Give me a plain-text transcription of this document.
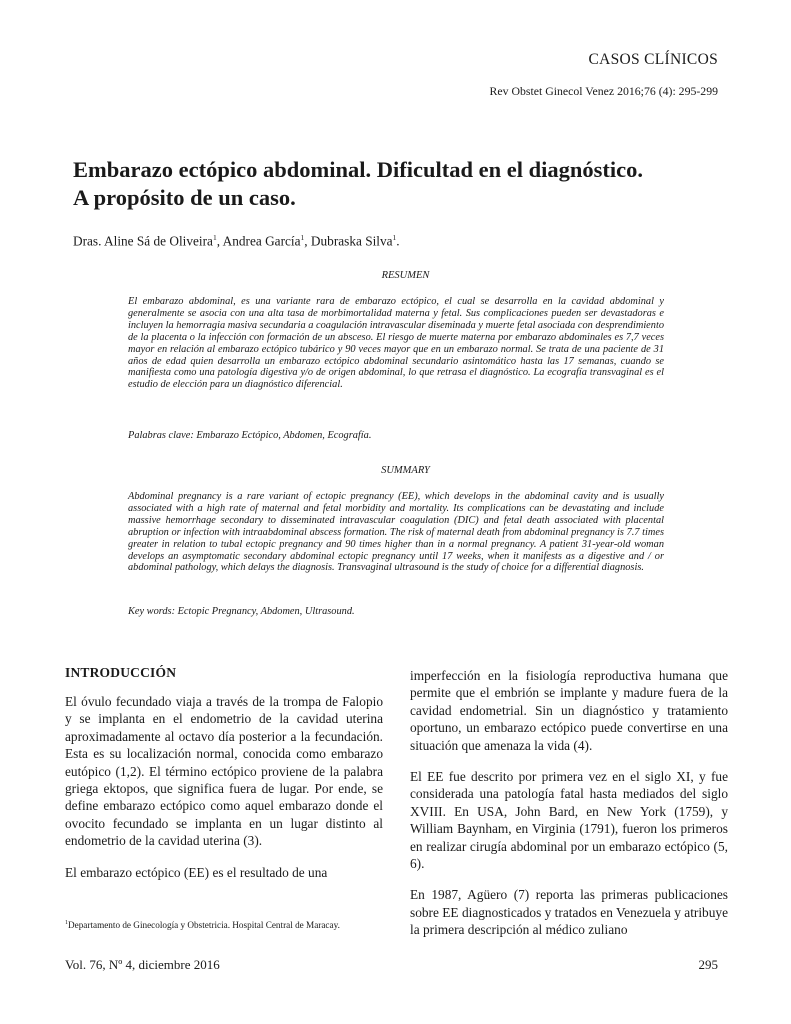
CASOS CLÍNICOS
Rev Obstet Ginecol Venez 2016;76 (4): 295-299
Embarazo ectópico abdominal. Dificultad en el diagnóstico.
A propósito de un caso.
Dras. Aline Sá de Oliveira$^1$, Andrea García$^1$, Dubraska Silva$^1$.
RESUMEN
El embarazo abdominal, es una variante rara de embarazo ectópico, el cual se desarrolla en la cavidad abdominal y generalmente se asocia con una alta tasa de morbimortalidad materna y fetal. Sus complicaciones pueden ser devastadoras e incluyen la hemorragia masiva secundaria a coagulación intravascular diseminada y muerte fetal asociada con desprendimiento de la placenta o la infección con formación de un absceso. El riesgo de muerte materna por embarazo abdominales es 7,7 veces mayor en relación al embarazo ectópico tubárico y 90 veces mayor que en un embarazo normal. Se trata de una paciente de 31 años de edad quien desarrolla un embarazo ectópico abdominal secundario asintomático hasta las 17 semanas, cuando se manifiesta como una patología digestiva y/o de origen abdominal, lo que retrasa el diagnóstico. La ecografía transvaginal es el estudio de elección para un diagnóstico diferencial.
Palabras clave: Embarazo Ectópico, Abdomen, Ecografía.
SUMMARY
Abdominal pregnancy is a rare variant of ectopic pregnancy (EE), which develops in the abdominal cavity and is usually associated with a high rate of maternal and fetal morbidity and mortality. Its complications can be devastating and include massive hemorrhage secondary to disseminated intravascular coagulation (DIC) and fetal death associated with placental abruption or infection with intraabdominal abscess formation. The risk of maternal death from abdominal pregnancy is 7.7 times greater in relation to tubal ectopic pregnancy and 90 times higher than in a normal pregnancy. A patient 31-year-old woman develops an asymptomatic secondary abdominal ectopic pregnancy until 17 weeks, when it manifests as a digestive and / or abdominal pathology, which delays the diagnosis. Transvaginal ultrasound is the study of choice for a differential diagnosis.
Key words: Ectopic Pregnancy, Abdomen, Ultrasound.
INTRODUCCIÓN

El óvulo fecundado viaja a través de la trompa de Falopio y se implanta en el endometrio de la cavidad uterina aproximadamente al octavo día posterior a la fecundación. Esta es su localización normal, conocida como embarazo eutópico (1,2). El término ectópico proviene de la palabra griega ektopos, que significa fuera de lugar. Por ende, se define embarazo ectópico como aquel embarazo donde el ovocito fecundado se implanta en un lugar distinto al endometrio de la cavidad uterina (3).

El embarazo ectópico (EE) es el resultado de una

imperfección en la fisiología reproductiva humana que permite que el embrión se implante y madure fuera de la cavidad endometrial. Sin un diagnóstico y tratamiento oportuno, un embarazo ectópico puede convertirse en una situación que amenaza la vida (4).

El EE fue descrito por primera vez en el siglo XI, y fue considerada una patología fatal hasta mediados del siglo XVIII. En USA, John Bard, en New York (1759), y William Baynham, en Virginia (1791), fueron los primeros en realizar cirugía abdominal por un embarazo ectópico (5, 6).

En 1987, Agüero (7) reporta las primeras publicaciones sobre EE diagnosticados y tratados en Venezuela y atribuye la primera descripción al médico zuliano

$^1$Departamento de Ginecología y Obstetricia. Hospital Central de Maracay.
Vol. 76, Nº 4, diciembre 2016	295
